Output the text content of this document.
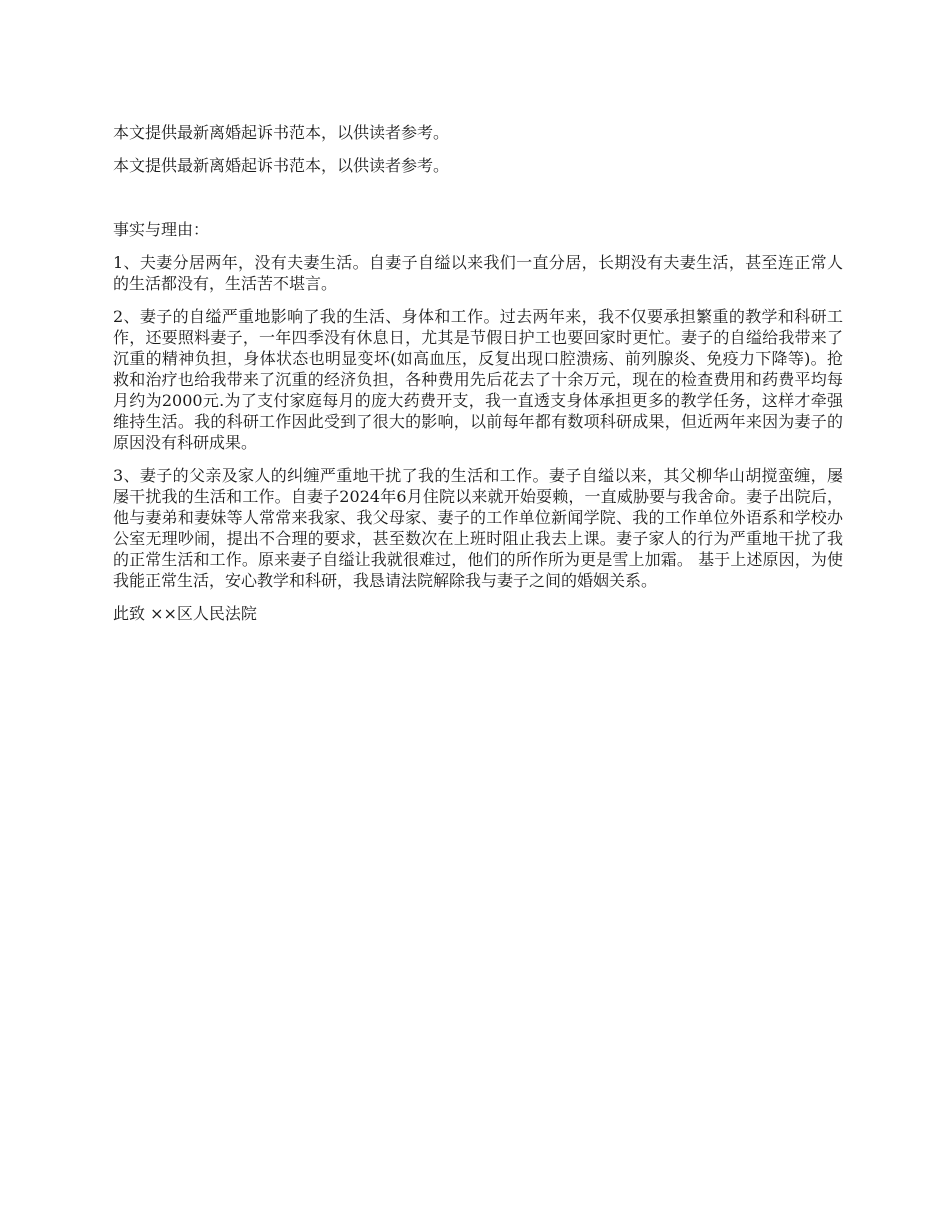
本文提供最新离婚起诉书范本，以供读者参考。

本文提供最新离婚起诉书范本，以供读者参考。

事实与理由：

1、夫妻分居两年，没有夫妻生活。自妻子自缢以来我们一直分居，长期没有夫妻生活，甚至连正常人的生活都没有，生活苦不堪言。

2、妻子的自缢严重地影响了我的生活、身体和工作。过去两年来，我不仅要承担繁重的教学和科研工作，还要照料妻子，一年四季没有休息日，尤其是节假日护工也要回家时更忙。妻子的自缢给我带来了沉重的精神负担，身体状态也明显变坏(如高血压，反复出现口腔溃疡、前列腺炎、免疫力下降等)。抢救和治疗也给我带来了沉重的经济负担，各种费用先后花去了十余万元，现在的检查费用和药费平均每月约为2000元.为了支付家庭每月的庞大药费开支，我一直透支身体承担更多的教学任务，这样才牵强维持生活。我的科研工作因此受到了很大的影响，以前每年都有数项科研成果，但近两年来因为妻子的原因没有科研成果。

3、妻子的父亲及家人的纠缠严重地干扰了我的生活和工作。妻子自缢以来，其父柳华山胡搅蛮缠，屡屡干扰我的生活和工作。自妻子2024年6月住院以来就开始耍赖，一直威胁要与我舍命。妻子出院后，他与妻弟和妻妹等人常常来我家、我父母家、妻子的工作单位新闻学院、我的工作单位外语系和学校办公室无理吵闹，提出不合理的要求，甚至数次在上班时阻止我去上课。妻子家人的行为严重地干扰了我的正常生活和工作。原来妻子自缢让我就很难过，他们的所作所为更是雪上加霜。 基于上述原因，为使我能正常生活，安心教学和科研，我恳请法院解除我与妻子之间的婚姻关系。

此致 ××区人民法院
